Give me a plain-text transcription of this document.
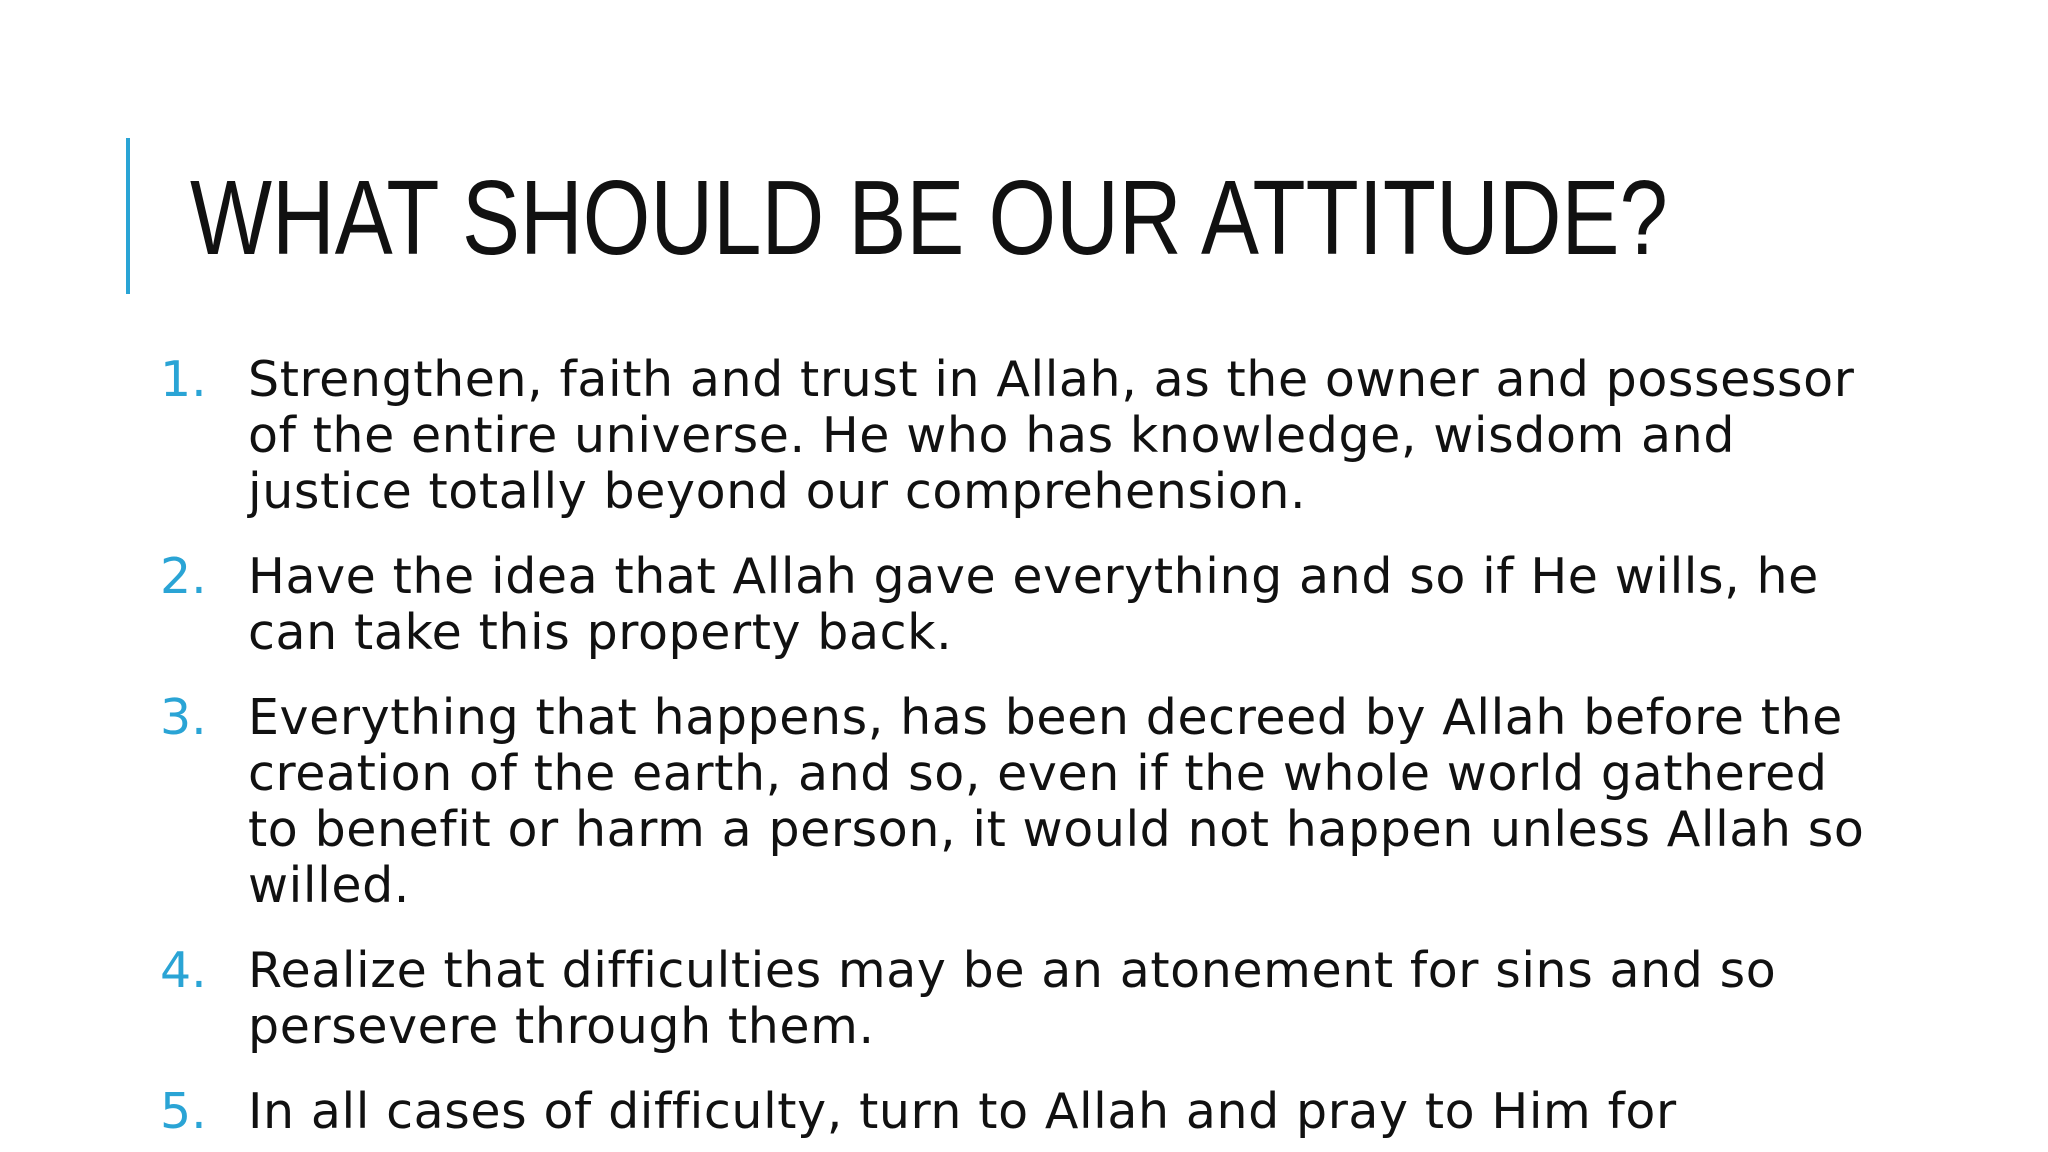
WHAT SHOULD BE OUR ATTITUDE?
1. Strengthen, faith and trust in Allah, as the owner and possessor of the entire universe. He who has knowledge, wisdom and justice totally beyond our comprehension.
2. Have the idea that Allah gave everything and so if He wills, he can take this property back.
3. Everything that happens, has been decreed by Allah before the creation of the earth, and so, even if the whole world gathered to benefit or harm a person, it would not happen unless Allah so willed.
4. Realize that difficulties may be an atonement for sins and so persevere through them.
5. In all cases of difficulty, turn to Allah and pray to Him for
